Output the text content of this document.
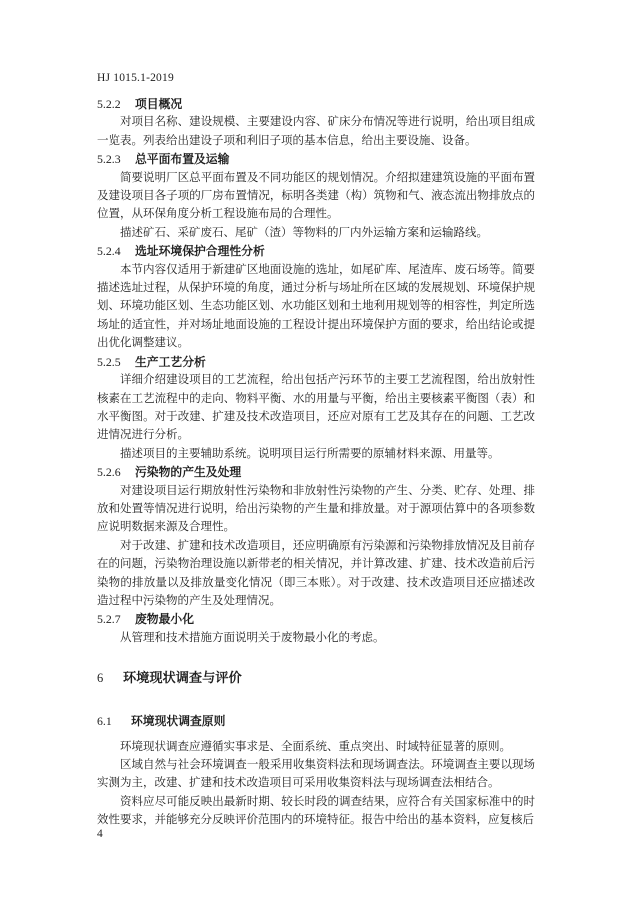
HJ 1015.1-2019
5.2.2 项目概况

对项目名称、建设规模、主要建设内容、矿床分布情况等进行说明，给出项目组成一览表。列表给出建设子项和利旧子项的基本信息，给出主要设施、设备。

5.2.3 总平面布置及运输

简要说明厂区总平面布置及不同功能区的规划情况。介绍拟建建筑设施的平面布置及建设项目各子项的厂房布置情况，标明各类建（构）筑物和气、液态流出物排放点的位置，从环保角度分析工程设施布局的合理性。

描述矿石、采矿废石、尾矿（渣）等物料的厂内外运输方案和运输路线。

5.2.4 选址环境保护合理性分析

本节内容仅适用于新建矿区地面设施的选址，如尾矿库、尾渣库、废石场等。简要描述选址过程，从保护环境的角度，通过分析与场址所在区域的发展规划、环境保护规划、环境功能区划、生态功能区划、水功能区划和土地利用规划等的相容性，判定所选场址的适宜性，并对场址地面设施的工程设计提出环境保护方面的要求，给出结论或提出优化调整建议。

5.2.5 生产工艺分析

详细介绍建设项目的工艺流程，给出包括产污环节的主要工艺流程图，给出放射性核素在工艺流程中的走向、物料平衡、水的用量与平衡，给出主要核素平衡图（表）和水平衡图。对于改建、扩建及技术改造项目，还应对原有工艺及其存在的问题、工艺改进情况进行分析。

描述项目的主要辅助系统。说明项目运行所需要的原辅材料来源、用量等。

5.2.6 污染物的产生及处理

对建设项目运行期放射性污染物和非放射性污染物的产生、分类、贮存、处理、排放和处置等情况进行说明，给出污染物的产生量和排放量。对于源项估算中的各项参数应说明数据来源及合理性。

对于改建、扩建和技术改造项目，还应明确原有污染源和污染物排放情况及目前存在的问题，污染物治理设施以新带老的相关情况，并计算改建、扩建、技术改造前后污染物的排放量以及排放量变化情况（即三本账）。对于改建、技术改造项目还应描述改造过程中污染物的产生及处理情况。

5.2.7 废物最小化

从管理和技术措施方面说明关于废物最小化的考虑。

6 环境现状调查与评价
6.1 环境现状调查原则

环境现状调查应遵循实事求是、全面系统、重点突出、时域特征显著的原则。

区域自然与社会环境调查一般采用收集资料法和现场调查法。环境调查主要以现场实测为主，改建、扩建和技术改造项目可采用收集资料法与现场调查法相结合。

资料应尽可能反映出最新时期、较长时段的调查结果，应符合有关国家标准中的时效性要求，并能够充分反映评价范围内的环境特征。报告中给出的基本资料，应复核后

4
